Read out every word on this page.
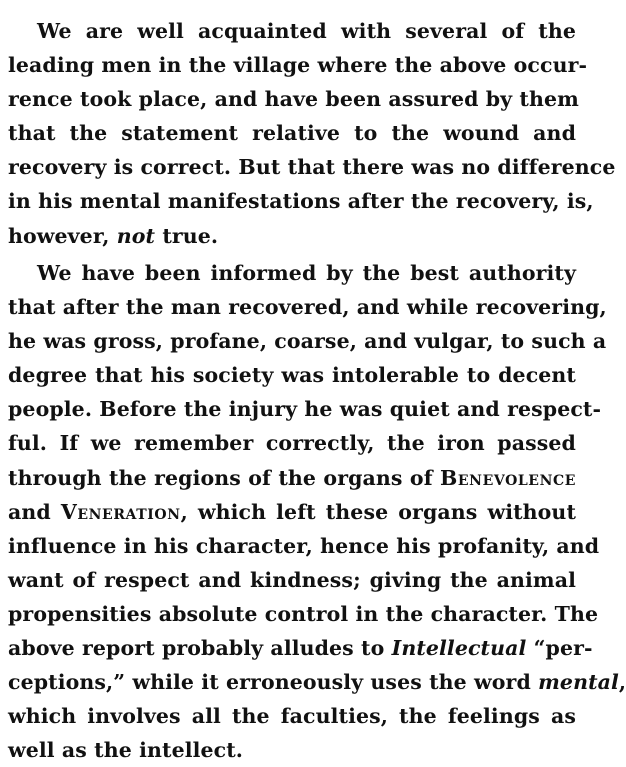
We are well acquainted with several of the
leading men in the village where the above occur-
rence took place, and have been assured by them
that the statement relative to the wound and
recovery is correct. But that there was no difference
in his mental manifestations after the recovery, is,
however, not true.
We have been informed by the best authority
that after the man recovered, and while recovering,
he was gross, profane, coarse, and vulgar, to such a
degree that his society was intolerable to decent
people. Before the injury he was quiet and respect-
ful. If we remember correctly, the iron passed
through the regions of the organs of Benevolence
and Veneration, which left these organs without
influence in his character, hence his profanity, and
want of respect and kindness; giving the animal
propensities absolute control in the character. The
above report probably alludes to Intellectual “per-
ceptions,” while it erroneously uses the word mental,
which involves all the faculties, the feelings as
well as the intellect.
